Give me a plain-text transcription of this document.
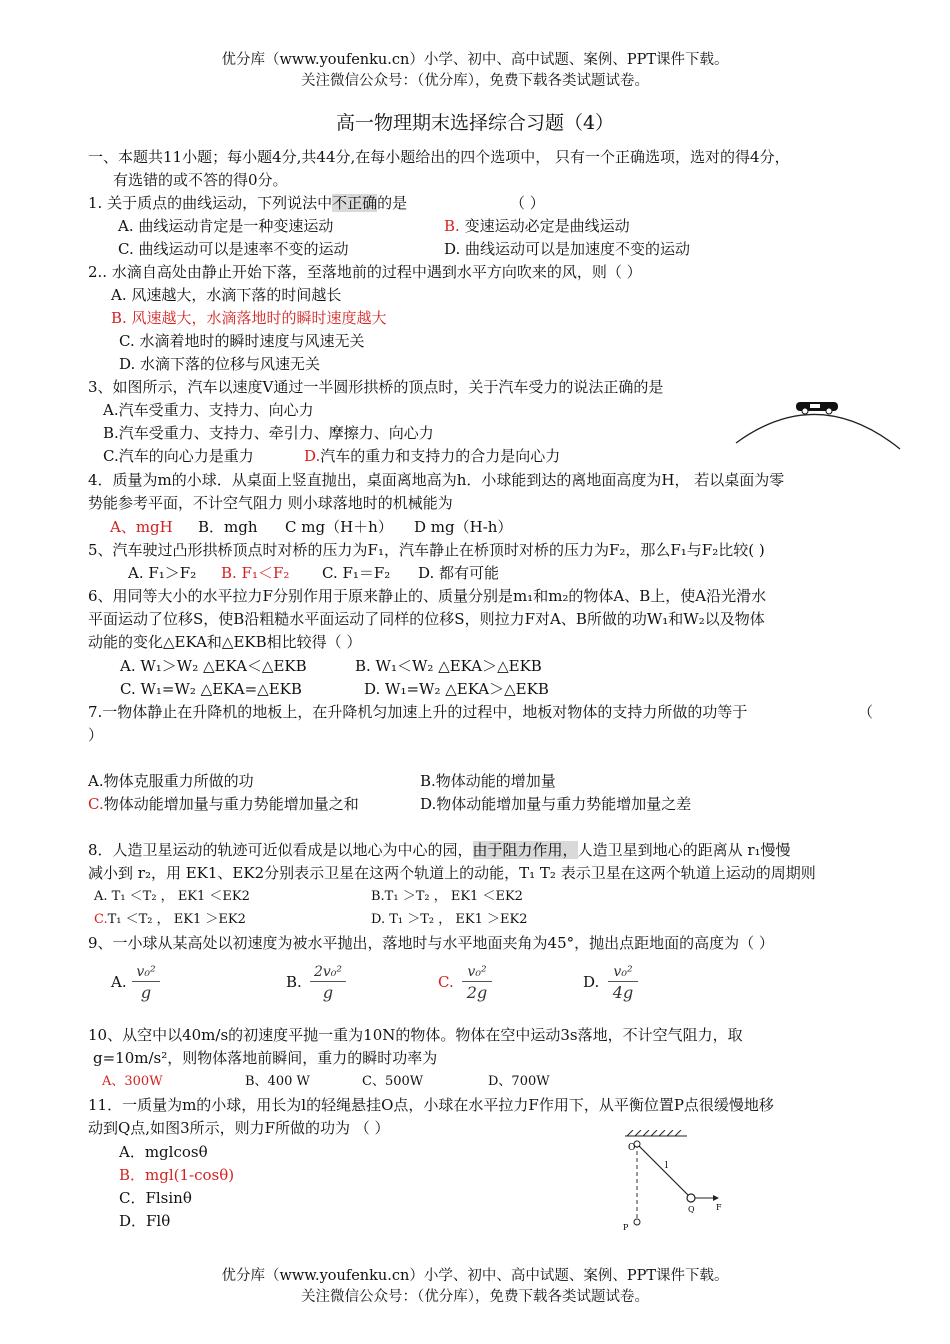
优分库（www.youfenku.cn）小学、初中、高中试题、案例、PPT课件下载。
关注微信公众号：（优分库），免费下载各类试题试卷。
高一物理期末选择综合习题（4）
一、本题共11小题；每小题4分,共44分,在每小题给出的四个选项中， 只有一个正确选项，选对的得4分，
有选错的或不答的得0分。
1. 关于质点的曲线运动，下列说法中不正确的是	（ ）
A. 曲线运动肯定是一种变速运动	B. 变速运动必定是曲线运动
C. 曲线运动可以是速率不变的运动	D. 曲线运动可以是加速度不变的运动
2.. 水滴自高处由静止开始下落，至落地前的过程中遇到水平方向吹来的风，则（ ）
A. 风速越大，水滴下落的时间越长
B. 风速越大，水滴落地时的瞬时速度越大
C. 水滴着地时的瞬时速度与风速无关
D. 水滴下落的位移与风速无关
3、如图所示，汽车以速度V通过一半圆形拱桥的顶点时，关于汽车受力的说法正确的是
A.汽车受重力、支持力、向心力
B.汽车受重力、支持力、牵引力、摩擦力、向心力
C.汽车的向心力是重力	D.汽车的重力和支持力的合力是向心力
4．质量为m的小球．从桌面上竖直抛出，桌面离地高为h．小球能到达的离地面高度为H， 若以桌面为零
势能参考平面，不计空气阻力 则小球落地时的机械能为
A、mgH B．mgh C mg（H＋h） D mg（H-h）
5、汽车驶过凸形拱桥顶点时对桥的压力为F₁，汽车静止在桥顶时对桥的压力为F₂，那么F₁与F₂比较( )
A. F₁＞F₂ B. F₁＜F₂ C. F₁＝F₂ D. 都有可能
6、用同等大小的水平拉力F分别作用于原来静止的、质量分别是m₁和m₂的物体A、B上，使A沿光滑水
平面运动了位移S，使B沿粗糙水平面运动了同样的位移S，则拉力F对A、B所做的功W₁和W₂以及物体
动能的变化△EKA和△EKB相比较得（ ）
A. W₁＞W₂ △EKA＜△EKB	B. W₁＜W₂ △EKA＞△EKB
C. W₁=W₂ △EKA=△EKB	D. W₁=W₂ △EKA＞△EKB
7.一物体静止在升降机的地板上，在升降机匀加速上升的过程中，地板对物体的支持力所做的功等于	（
）
A.物体克服重力所做的功	B.物体动能的增加量
C.物体动能增加量与重力势能增加量之和	D.物体动能增加量与重力势能增加量之差
8．人造卫星运动的轨迹可近似看成是以地心为中心的园，由于阻力作用，人造卫星到地心的距离从 r₁慢慢
减小到 r₂，用 EK1、EK2分别表示卫星在这两个轨道上的动能，T₁ T₂ 表示卫星在这两个轨道上运动的周期则
A. T₁ ＜T₂ ， EK1 ＜EK2	B.T₁ ＞T₂ ， EK1 ＜EK2
C.T₁ ＜T₂ ， EK1 ＞EK2	D. T₁ ＞T₂ ， EK1 ＞EK2
9、一小球从某高处以初速度为被水平抛出，落地时与水平地面夹角为45°，抛出点距地面的高度为（ ）
A.
v₀²
g
B.
2v₀²
g
C.
v₀²
2g
D.
v₀²
4g
10、从空中以40m/s的初速度平抛一重为10N的物体。物体在空中运动3s落地，不计空气阻力，取
g=10m/s²，则物体落地前瞬间，重力的瞬时功率为
A、300W	B、400 W	C、500W	D、700W
11．一质量为m的小球，用长为l的轻绳悬挂O点，小球在水平拉力F作用下，从平衡位置P点很缓慢地移
动到Q点,如图3所示，则力F所做的功为 （ ）
A．mglcosθ
B．mgl(1-cosθ)
C．Flsinθ
D．Flθ
O
l
Q	F
P
优分库（www.youfenku.cn）小学、初中、高中试题、案例、PPT课件下载。
关注微信公众号：（优分库），免费下载各类试题试卷。
